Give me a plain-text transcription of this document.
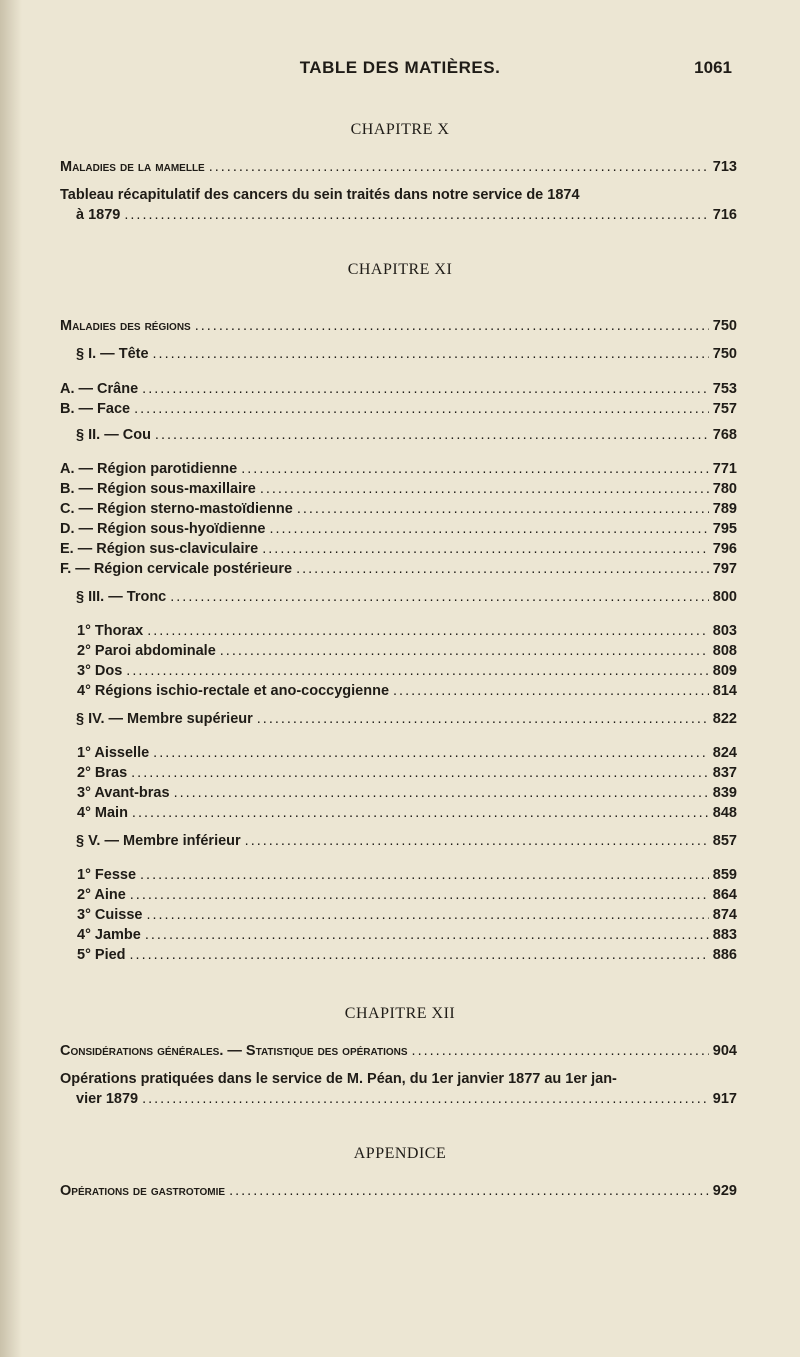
TABLE DES MATIÈRES.	1061
CHAPITRE X
Maladies de la mamelle .....	713
Tableau récapitulatif des cancers du sein traités dans notre service de 1874
à 1879 .....	716
CHAPITRE XI
Maladies des régions .....	750
§ I. — Tête .....	750
A. — Crâne .....	753
B. — Face .....	757
§ II. — Cou .....	768
A. — Région parotidienne .....	771
B. — Région sous-maxillaire .....	780
C. — Région sterno-mastoïdienne .....	789
D. — Région sous-hyoïdienne .....	795
E. — Région sus-claviculaire .....	796
F. — Région cervicale postérieure .....	797
§ III. — Tronc .....	800
1° Thorax .....	803
2° Paroi abdominale .....	808
3° Dos .....	809
4° Régions ischio-rectale et ano-coccygienne .....	814
§ IV. — Membre supérieur .....	822
1° Aisselle .....	824
2° Bras .....	837
3° Avant-bras .....	839
4° Main .....	848
§ V. — Membre inférieur .....	857
1° Fesse .....	859
2° Aine .....	864
3° Cuisse .....	874
4° Jambe .....	883
5° Pied .....	886
CHAPITRE XII
Considérations générales. — Statistique des opérations .....	904
Opérations pratiquées dans le service de M. Péan, du 1er janvier 1877 au 1er jan-
vier 1879 .....	917
APPENDICE
Opérations de gastrotomie .....	929
